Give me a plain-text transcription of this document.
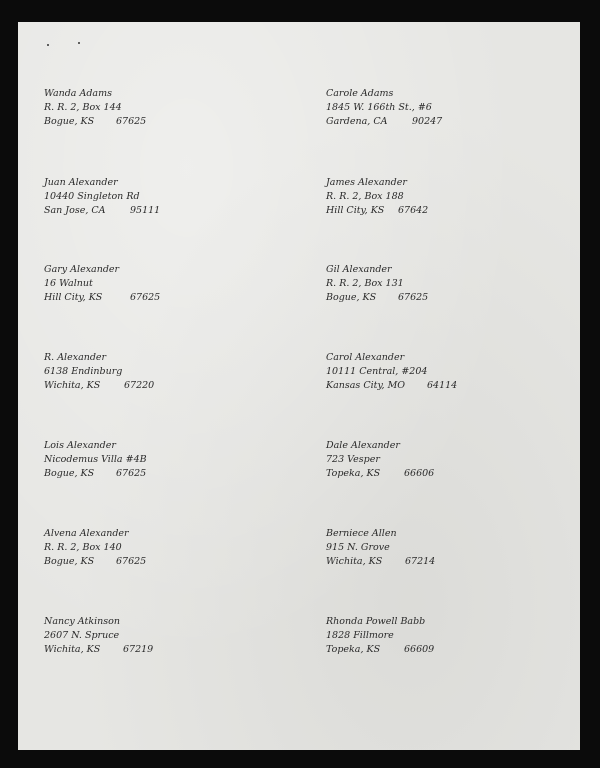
Wanda Adams
R. R. 2, Box 144
Bogue, KS 67625
Carole Adams
1845 W. 166th St., #6
Gardena, CA	90247
Juan Alexander
10440 Singleton Rd
San Jose, CA	95111
James Alexander
R. R. 2, Box 188
Hill City, KS 67642
Gary Alexander
16 Walnut
Hill City, KS	67625
Gil Alexander
R. R. 2, Box 131
Bogue, KS 67625
R. Alexander
6138 Endinburg
Wichita, KS	67220
Carol Alexander
10111 Central, #204
Kansas City, MO 64114
Lois Alexander
Nicodemus Villa #4B
Bogue, KS 67625
Dale Alexander
723 Vesper
Topeka, KS	66606
Alvena Alexander
R. R. 2, Box 140
Bogue, KS 67625
Berniece Allen
915 N. Grove
Wichita, KS 67214
Nancy Atkinson
2607 N. Spruce
Wichita, KS 67219
Rhonda Powell Babb
1828 Fillmore
Topeka, KS	66609
